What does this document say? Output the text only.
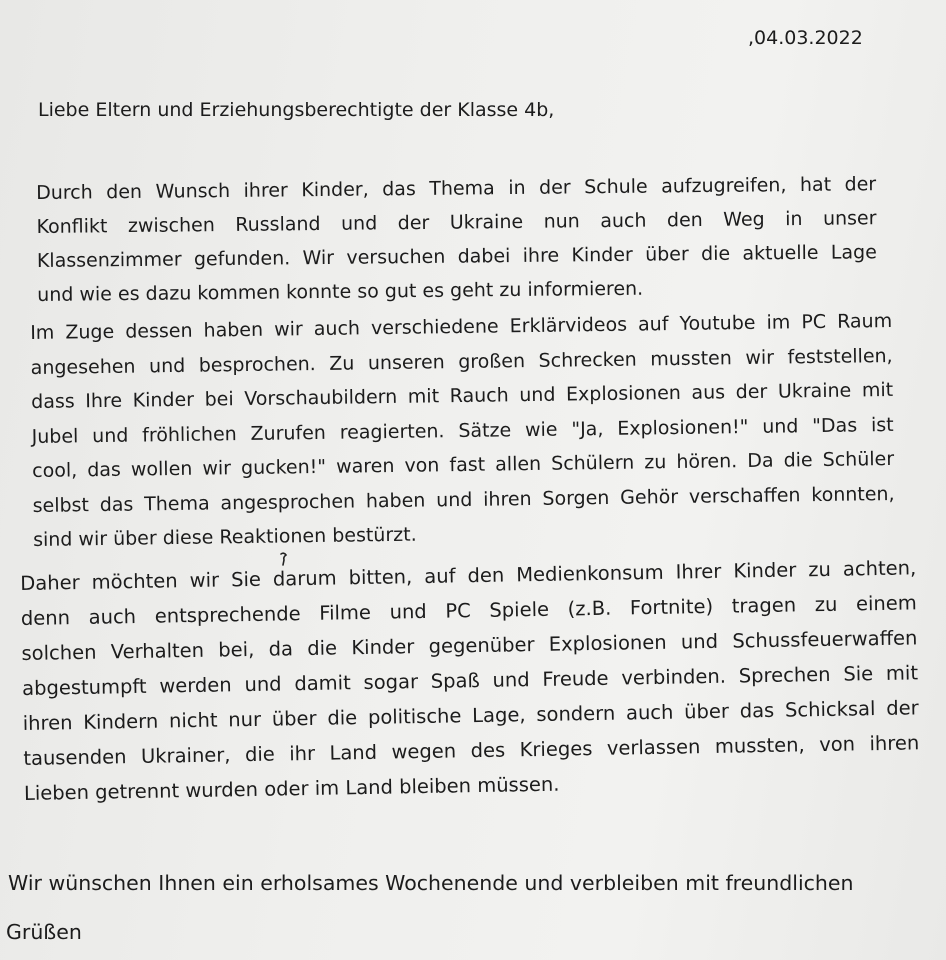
,04.03.2022

Liebe Eltern und Erziehungsberechtigte der Klasse 4b,

Durch den Wunsch ihrer Kinder, das Thema in der Schule aufzugreifen, hat der
Konflikt zwischen Russland und der Ukraine nun auch den Weg in unser
Klassenzimmer gefunden. Wir versuchen dabei ihre Kinder über die aktuelle Lage
und wie es dazu kommen konnte so gut es geht zu informieren.
Im Zuge dessen haben wir auch verschiedene Erklärvideos auf Youtube im PC Raum
angesehen und besprochen. Zu unseren großen Schrecken mussten wir feststellen,
dass Ihre Kinder bei Vorschaubildern mit Rauch und Explosionen aus der Ukraine mit
Jubel und fröhlichen Zurufen reagierten. Sätze wie "Ja, Explosionen!" und "Das ist
cool, das wollen wir gucken!" waren von fast allen Schülern zu hören. Da die Schüler
selbst das Thema angesprochen haben und ihren Sorgen Gehör verschaffen konnten,
sind wir über diese Reaktionen bestürzt.
Daher möchten wir Sie darum bitten, auf den Medienkonsum Ihrer Kinder zu achten,
denn auch entsprechende Filme und PC Spiele (z.B. Fortnite) tragen zu einem
solchen Verhalten bei, da die Kinder gegenüber Explosionen und Schussfeuerwaffen
abgestumpft werden und damit sogar Spaß und Freude verbinden. Sprechen Sie mit
ihren Kindern nicht nur über die politische Lage, sondern auch über das Schicksal der
tausenden Ukrainer, die ihr Land wegen des Krieges verlassen mussten, von ihren
Lieben getrennt wurden oder im Land bleiben müssen.

Wir wünschen Ihnen ein erholsames Wochenende und verbleiben mit freundlichen

Grüßen
